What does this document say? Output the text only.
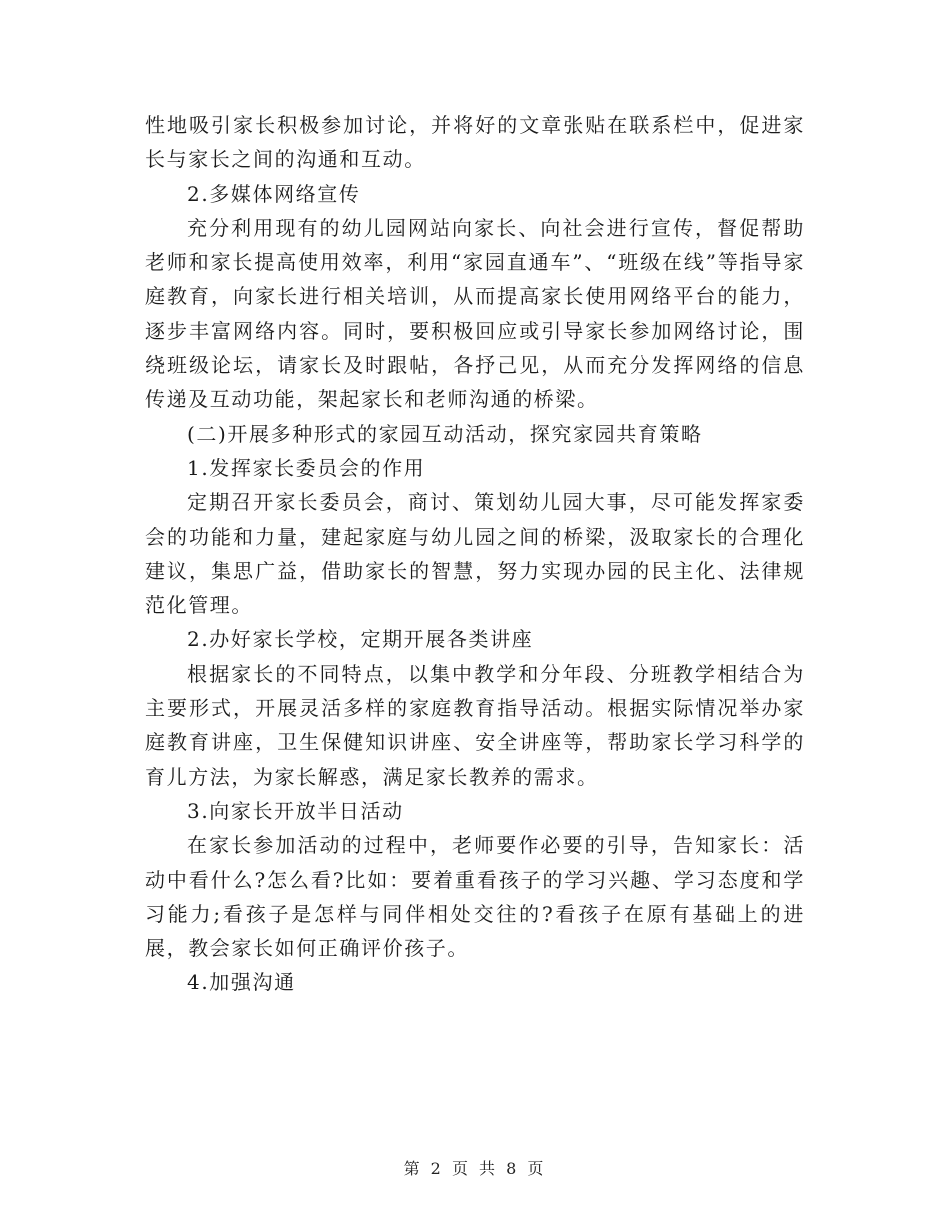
性地吸引家长积极参加讨论，并将好的文章张贴在联系栏中，促进家长与家长之间的沟通和互动。

2.多媒体网络宣传

充分利用现有的幼儿园网站向家长、向社会进行宣传，督促帮助老师和家长提高使用效率，利用“家园直通车”、“班级在线”等指导家庭教育，向家长进行相关培训，从而提高家长使用网络平台的能力，逐步丰富网络内容。同时，要积极回应或引导家长参加网络讨论，围绕班级论坛，请家长及时跟帖，各抒己见，从而充分发挥网络的信息传递及互动功能，架起家长和老师沟通的桥梁。

(二)开展多种形式的家园互动活动，探究家园共育策略

1.发挥家长委员会的作用

定期召开家长委员会，商讨、策划幼儿园大事，尽可能发挥家委会的功能和力量，建起家庭与幼儿园之间的桥梁，汲取家长的合理化建议，集思广益，借助家长的智慧，努力实现办园的民主化、法律规范化管理。

2.办好家长学校，定期开展各类讲座

根据家长的不同特点，以集中教学和分年段、分班教学相结合为主要形式，开展灵活多样的家庭教育指导活动。根据实际情况举办家庭教育讲座，卫生保健知识讲座、安全讲座等，帮助家长学习科学的育儿方法，为家长解惑，满足家长教养的需求。

3.向家长开放半日活动

在家长参加活动的过程中，老师要作必要的引导，告知家长：活动中看什么?怎么看?比如：要着重看孩子的学习兴趣、学习态度和学习能力;看孩子是怎样与同伴相处交往的?看孩子在原有基础上的进展，教会家长如何正确评价孩子。

4.加强沟通

第 2 页 共 8 页
